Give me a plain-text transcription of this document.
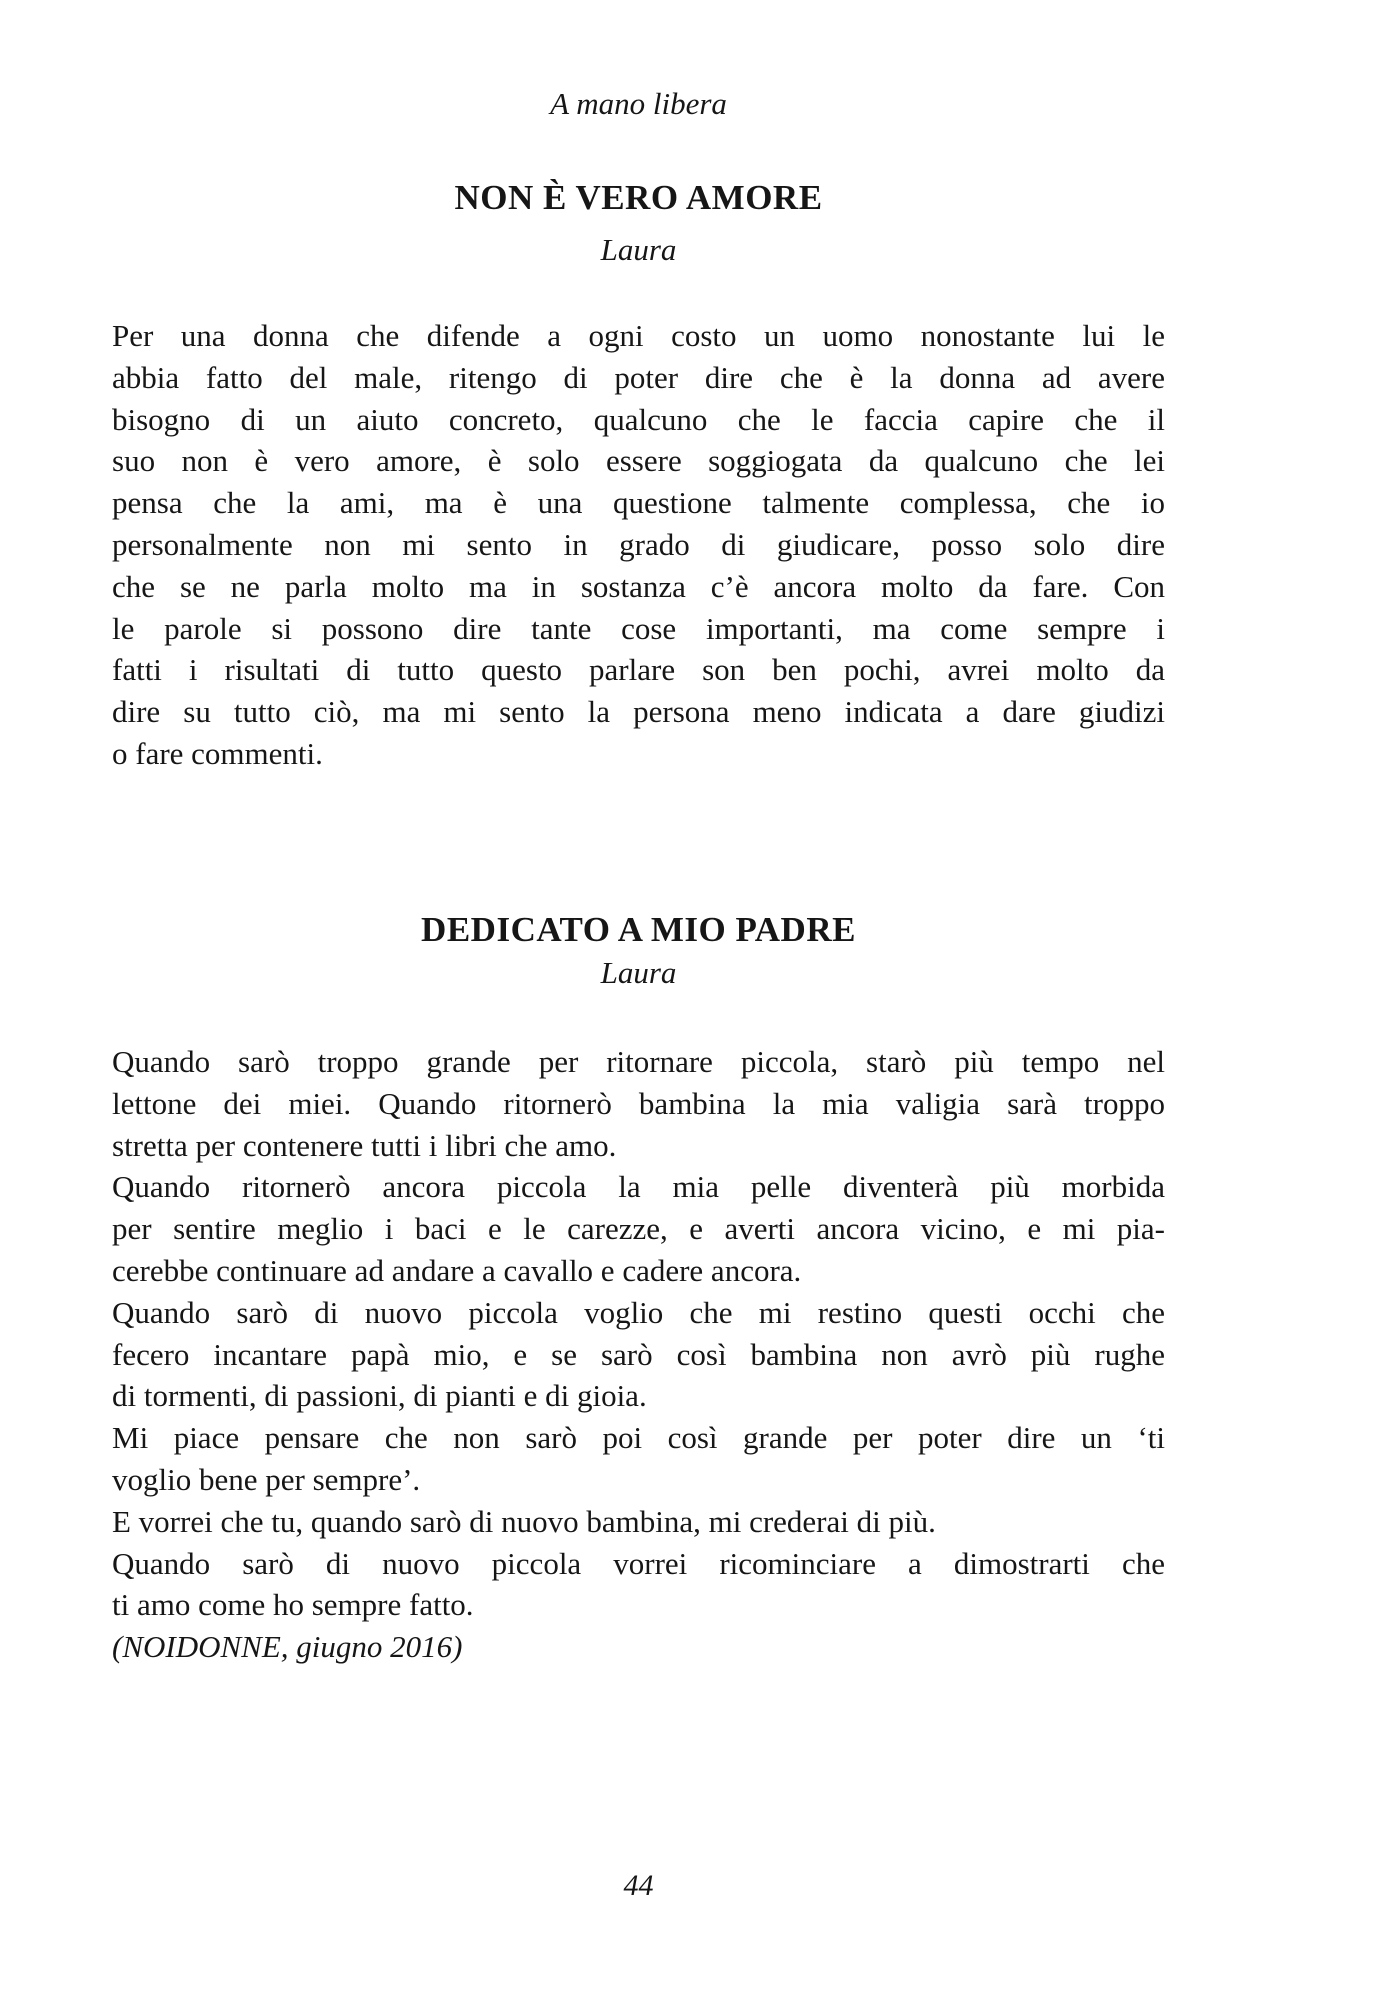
A mano libera
NON È VERO AMORE
Laura
Per una donna che difende a ogni costo un uomo nonostante lui le
abbia fatto del male, ritengo di poter dire che è la donna ad avere
bisogno di un aiuto concreto, qualcuno che le faccia capire che il
suo non è vero amore, è solo essere soggiogata da qualcuno che lei
pensa che la ami, ma è una questione talmente complessa, che io
personalmente non mi sento in grado di giudicare, posso solo dire
che se ne parla molto ma in sostanza c’è ancora molto da fare. Con
le parole si possono dire tante cose importanti, ma come sempre i
fatti i risultati di tutto questo parlare son ben pochi, avrei molto da
dire su tutto ciò, ma mi sento la persona meno indicata a dare giudizi
o fare commenti.
DEDICATO A MIO PADRE
Laura
Quando sarò troppo grande per ritornare piccola, starò più tempo nel
lettone dei miei. Quando ritornerò bambina la mia valigia sarà troppo
stretta per contenere tutti i libri che amo.
Quando ritornerò ancora piccola la mia pelle diventerà più morbida
per sentire meglio i baci e le carezze, e averti ancora vicino, e mi pia-
cerebbe continuare ad andare a cavallo e cadere ancora.
Quando sarò di nuovo piccola voglio che mi restino questi occhi che
fecero incantare papà mio, e se sarò così bambina non avrò più rughe
di tormenti, di passioni, di pianti e di gioia.
Mi piace pensare che non sarò poi così grande per poter dire un ‘ti
voglio bene per sempre’.
E vorrei che tu, quando sarò di nuovo bambina, mi crederai di più.
Quando sarò di nuovo piccola vorrei ricominciare a dimostrarti che
ti amo come ho sempre fatto.
(NOIDONNE, giugno 2016)
44
